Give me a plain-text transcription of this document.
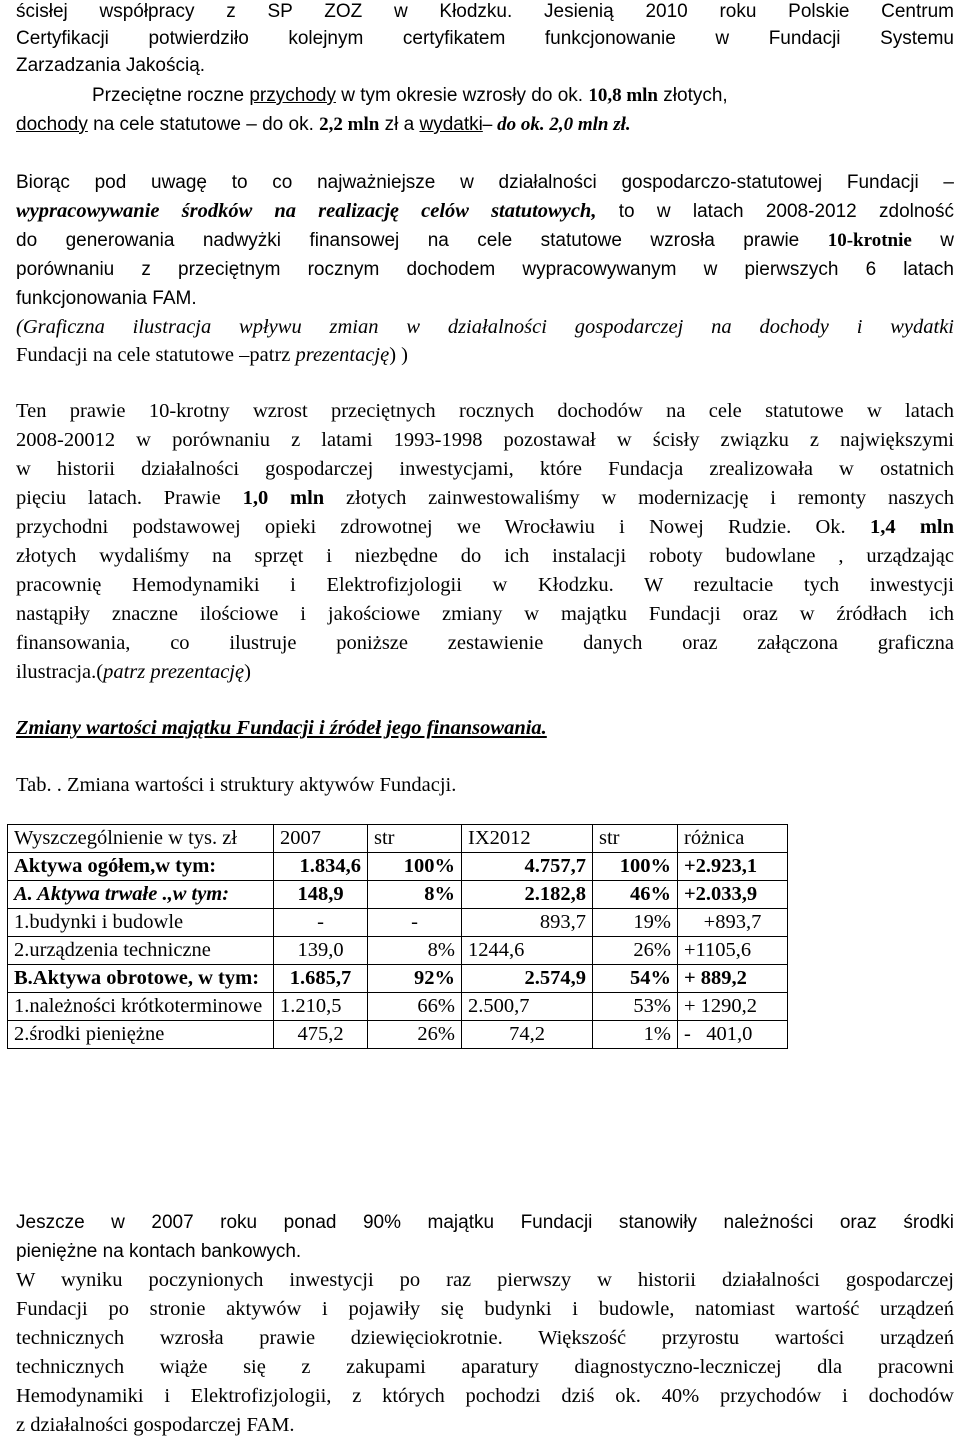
ścisłej współpracy z SP ZOZ w Kłodzku. Jesienią 2010 roku Polskie Centrum
Certyfikacji potwierdziło kolejnym certyfikatem funkcjonowanie w Fundacji Systemu
Zarzadzania Jakością.
Przeciętne roczne przychody w tym okresie wzrosły do ok. 10,8 mln złotych,
dochody na cele statutowe – do ok. 2,2 mln zł a wydatki– do ok. 2,0 mln zł.
Biorąc pod uwagę to co najważniejsze w działalności gospodarczo-statutowej Fundacji –
wypracowywanie środków na realizację celów statutowych, to w latach 2008-2012 zdolność
do generowania nadwyżki finansowej na cele statutowe wzrosła prawie 10-krotnie w
porównaniu z przeciętnym rocznym dochodem wypracowywanym w pierwszych 6 latach
funkcjonowania FAM.
(Graficzna ilustracja wpływu zmian w działalności gospodarczej na dochody i wydatki
Fundacji na cele statutowe –patrz prezentację) )
Ten prawie 10-krotny wzrost przeciętnych rocznych dochodów na cele statutowe w latach
2008-20012 w porównaniu z latami 1993-1998 pozostawał w ścisły związku z największymi
w historii działalności gospodarczej inwestycjami, które Fundacja zrealizowała w ostatnich
pięciu latach. Prawie 1,0 mln złotych zainwestowaliśmy w modernizację i remonty naszych
przychodni podstawowej opieki zdrowotnej we Wrocławiu i Nowej Rudzie. Ok. 1,4 mln
złotych wydaliśmy na sprzęt i niezbędne do ich instalacji roboty budowlane , urządzając
pracownię Hemodynamiki i Elektrofizjologii w Kłodzku. W rezultacie tych inwestycji
nastąpiły znaczne ilościowe i jakościowe zmiany w majątku Fundacji oraz w źródłach ich
finansowania, co ilustruje poniższe zestawienie danych oraz załączona graficzna
ilustracja.(patrz prezentację)
Zmiany wartości majątku Fundacji i źródeł jego finansowania.
Tab. . Zmiana wartości i struktury aktywów Fundacji.
Jeszcze w 2007 roku ponad 90% majątku Fundacji stanowiły należności oraz środki
pieniężne na kontach bankowych.
W wyniku poczynionych inwestycji po raz pierwszy w historii działalności gospodarczej
Fundacji po stronie aktywów i pojawiły się budynki i budowle, natomiast wartość urządzeń
technicznych wzrosła prawie dziewięciokrotnie. Większość przyrostu wartości urządzeń
technicznych wiąże się z zakupami aparatury diagnostyczno-leczniczej dla pracowni
Hemodynamiki i Elektrofizjologii, z których pochodzi dziś ok. 40% przychodów i dochodów
z działalności gospodarczej FAM.
Wyszczególnienie w tys. zł	2007	str	IX2012	str	różnica
Aktywa ogółem,w tym:	1.834,6	100%	4.757,7	100%	+2.923,1
A. Aktywa trwałe .,w tym:	148,9	8%	2.182,8	46%	+2.033,9
1.budynki i budowle	-	-	893,7	19%	+893,7
2.urządzenia techniczne	139,0	8%	1244,6	26%	+1105,6
B.Aktywa obrotowe, w tym:	1.685,7	92%	2.574,9	54%	+ 889,2
1.należności krótkoterminowe	1.210,5	66%	2.500,7	53%	+ 1290,2
2.środki pieniężne	475,2	26%	74,2	1%	-   401,0
